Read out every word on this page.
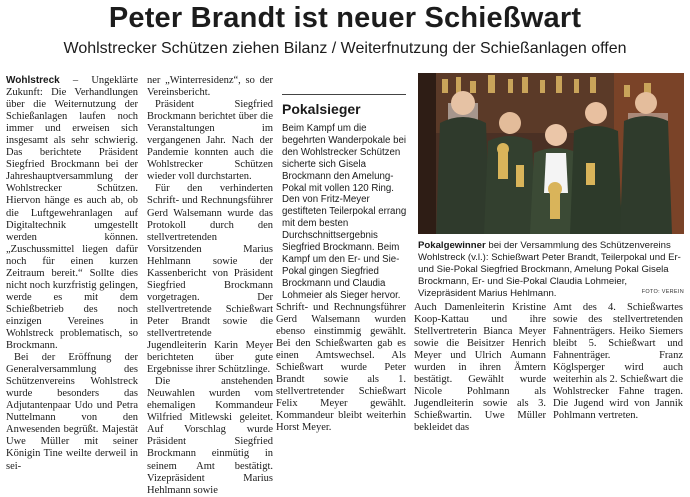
Peter Brandt ist neuer Schießwart
Wohlstrecker Schützen ziehen Bilanz / Weiterfnutzung der Schießanlagen offen

Wohlstreck – Ungeklärte Zukunft: Die Verhandlungen über die Weiternutzung der Schießanlagen laufen noch immer und erweisen sich insgesamt als sehr schwierig. Das berichtete Präsident Siegfried Brockmann bei der Jahreshauptversammlung der Wohlstrecker Schützen. Hiervon hänge es auch ab, ob die Luftgewehranlagen auf Digitaltechnik umgestellt werden können. „Zuschussmittel liegen dafür noch für einen kurzen Zeitraum bereit.“ Sollte dies nicht noch kurzfristig gelingen, werde es mit dem Schießbetrieb des noch einzigen Vereines in Wohlstreck problematisch, so Brockmann.

Bei der Eröffnung der Generalversammlung des Schützenvereins Wohlstreck wurde besonders das Adjutantenpaar Udo und Petra Nuttelmann von den Anwesenden begrüßt. Majestät Uwe Müller mit seiner Königin Tine weilte derweil in sei-

ner „Winterresidenz“, so der Vereinsbericht.

Präsident Siegfried Brockmann berichtet über die Veranstaltungen im vergangenen Jahr. Nach der Pandemie konnten auch die Wohlstrecker Schützen wieder voll durchstarten.

Für den verhinderten Schrift- und Rechnungsführer Gerd Walsemann wurde das Protokoll durch den stellvertretenden Vorsitzenden Marius Hehlmann sowie der Kassenbericht von Präsident Siegfried Brockmann vorgetragen. Der stellvertretende Schießwart Peter Brandt sowie die stellvertretende Jugendleiterin Karin Meyer berichteten über gute Ergebnisse ihrer Schützlinge.

Die anstehenden Neuwahlen wurden vom ehemaligen Kommandeur Wilfried Mitlewski geleitet. Auf Vorschlag wurde Präsident Siegfried Brockmann einmütig in seinem Amt bestätigt. Vizepräsident Marius Hehlmann sowie

Pokalsieger

Beim Kampf um die begehrten Wanderpokale bei den Wohlstrecker Schützen sicherte sich Gisela Brockmann den Amelung-Pokal mit vollen 120 Ring. Den von Fritz-Meyer gestifteten Teilerpokal errang mit dem besten Durchschnittsergebnis Siegfried Brockmann. Beim Kampf um den Er- und Sie-Pokal gingen Siegfried Brockmann und Claudia Lohmeier als Sieger hervor.

Pokalgewinner bei der Versammlung des Schützenvereins Wohlstreck (v.l.): Schießwart Peter Brandt, Teilerpokal und Er-und Sie-Pokal Siegfried Brockmann, Amelung Pokal Gisela Brockmann, Er- und Sie-Pokal Claudia Lohmeier, Vizepräsident Marius Hehlmann.	FOTO: VEREIN

Schrift- und Rechnungsführer Gerd Walsemann wurden ebenso einstimmig gewählt. Bei den Schießwarten gab es einen Amtswechsel. Als Schießwart wurde Peter Brandt sowie als 1. stellvertretender Schießwart Felix Meyer gewählt. Kommandeur bleibt weiterhin Horst Meyer.

Auch Damenleiterin Kristine Koop-Kattau und ihre Stellvertreterin Bianca Meyer sowie die Beisitzer Henrich Meyer und Ulrich Aumann wurden in ihren Ämtern bestätigt. Gewählt wurde Nicole Pohlmann als Jugendleiterin sowie als 3. Schießwartin. Uwe Müller bekleidet das

Amt des 4. Schießwartes sowie des stellvertretenden Fahnenträgers. Heiko Siemers bleibt 5. Schießwart und Fahnenträger. Franz Köglsperger wird auch weiterhin als 2. Schießwart die Wohlstrecker Fahne tragen. Die Jugend wird von Jannik Pohlmann vertreten.
